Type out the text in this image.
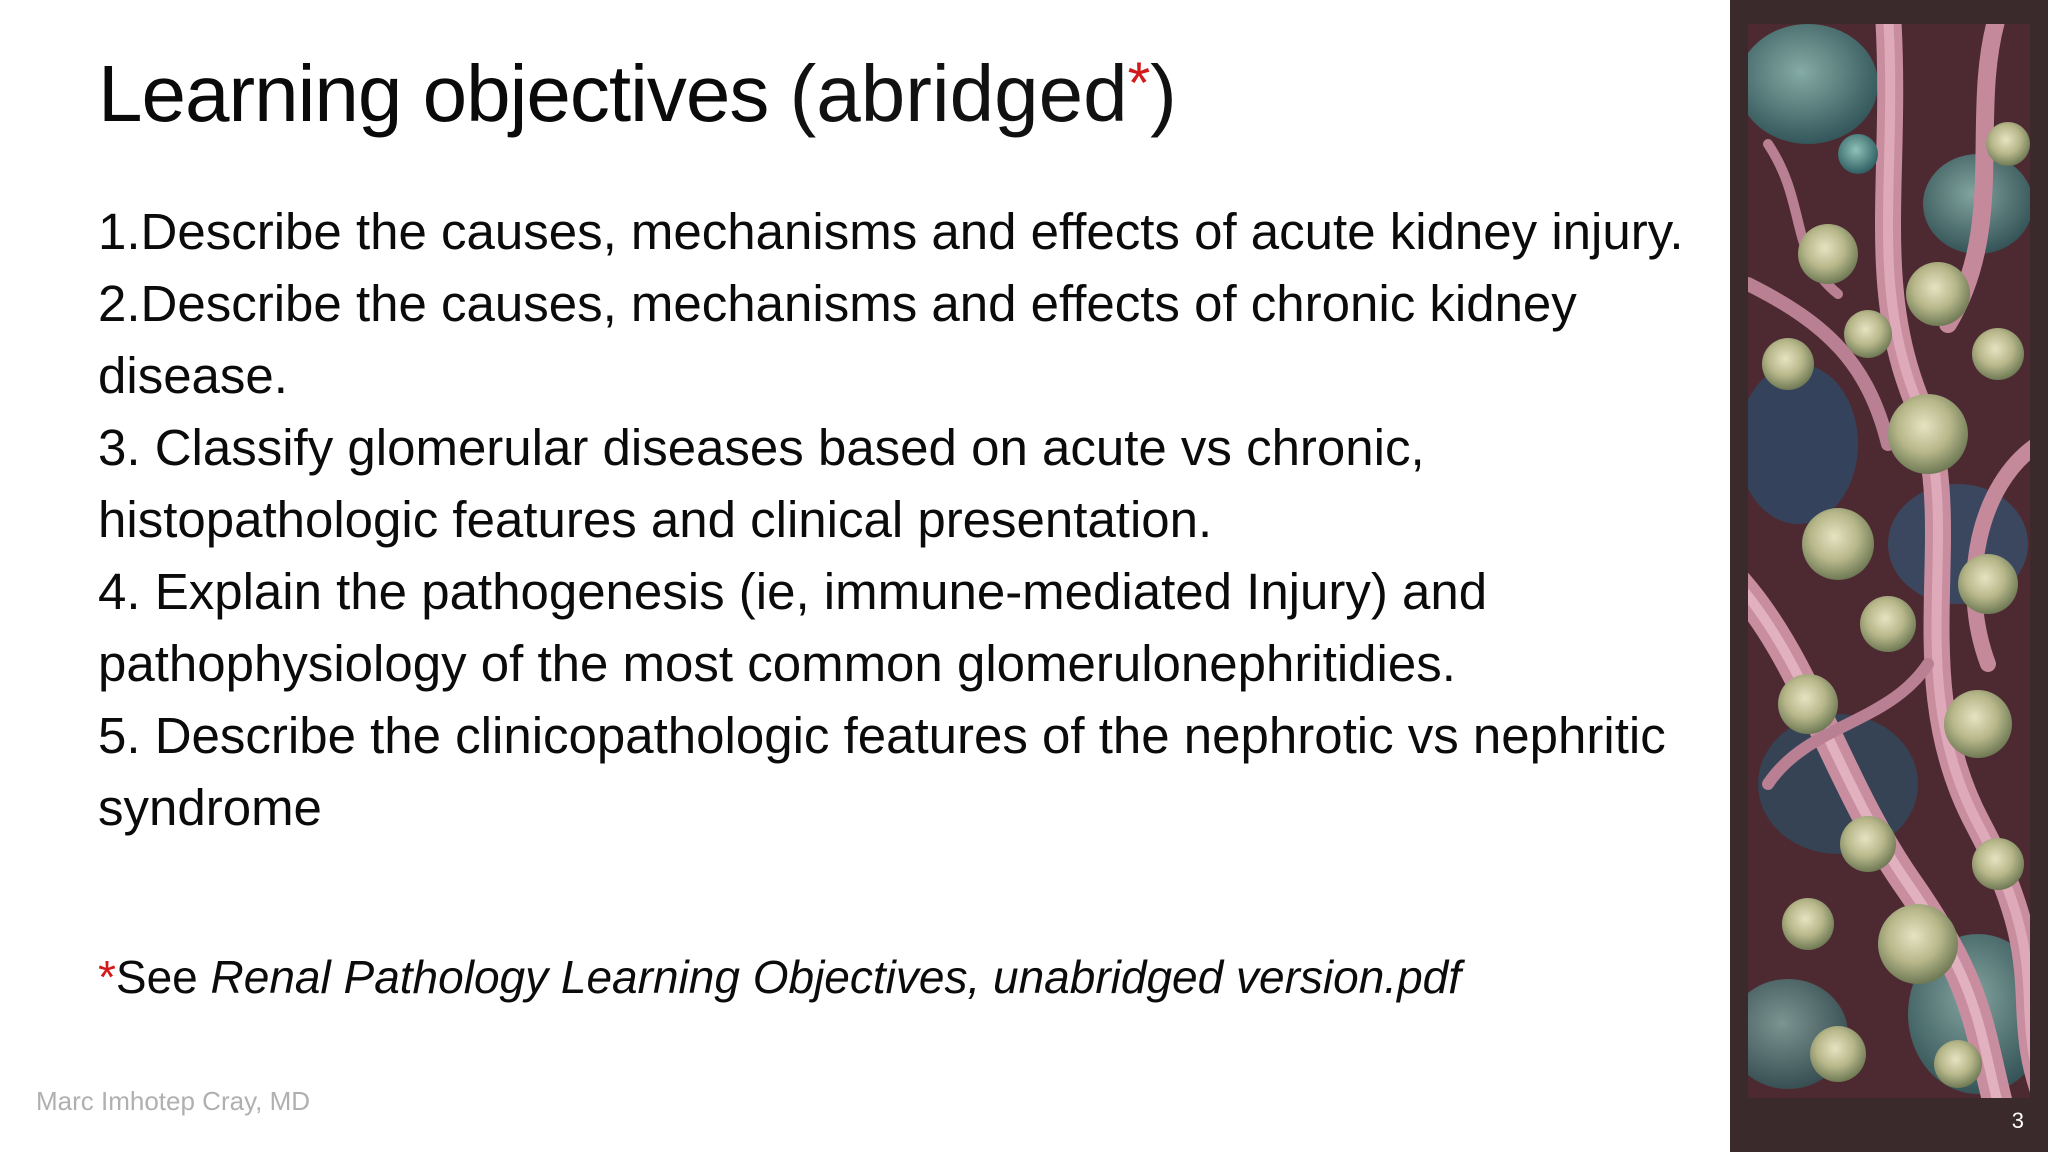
Learning objectives (abridged*)
1.Describe the causes, mechanisms and effects of acute kidney injury.
2.Describe the causes, mechanisms and effects of chronic kidney disease.
3. Classify glomerular diseases based on acute vs chronic, histopathologic features and clinical presentation.
4. Explain the pathogenesis (ie, immune-mediated Injury) and pathophysiology of the most common glomerulonephritidies.
5. Describe the clinicopathologic features of the nephrotic vs nephritic syndrome
*See Renal Pathology Learning Objectives, unabridged version.pdf
Marc Imhotep Cray, MD
3
